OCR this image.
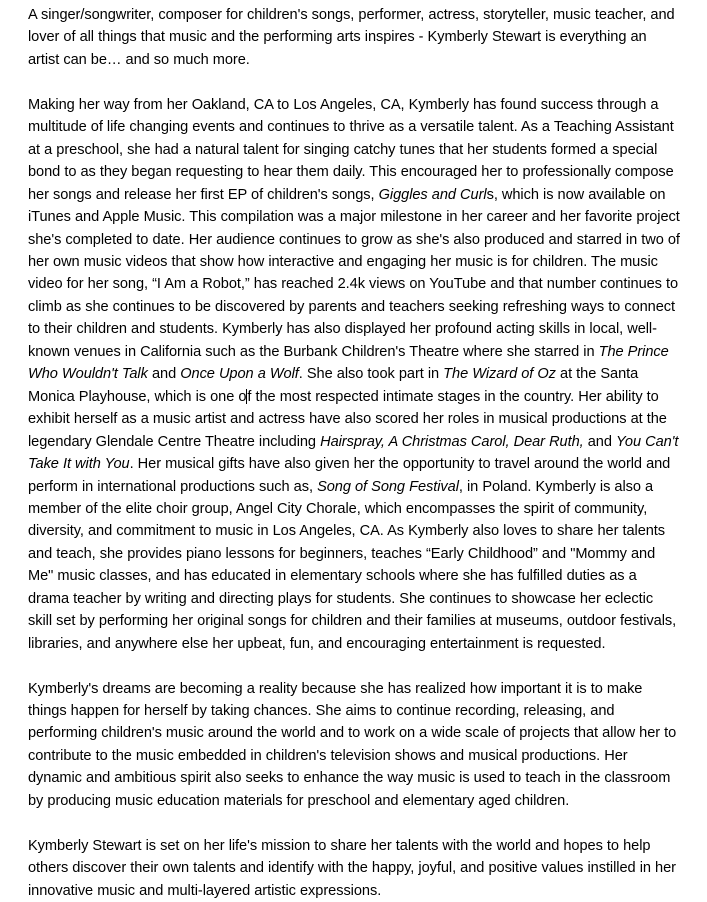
A singer/songwriter, composer for children's songs, performer, actress, storyteller, music teacher, and lover of all things that music and the performing arts inspires - Kymberly Stewart is everything an artist can be… and so much more.

Making her way from her Oakland, CA to Los Angeles, CA, Kymberly has found success through a multitude of life changing events and continues to thrive as a versatile talent. As a Teaching Assistant at a preschool, she had a natural talent for singing catchy tunes that her students formed a special bond to as they began requesting to hear them daily. This encouraged her to professionally compose her songs and release her first EP of children's songs, Giggles and Curls, which is now available on iTunes and Apple Music. This compilation was a major milestone in her career and her favorite project she's completed to date. Her audience continues to grow as she's also produced and starred in two of her own music videos that show how interactive and engaging her music is for children. The music video for her song, “I Am a Robot,” has reached 2.4k views on YouTube and that number continues to climb as she continues to be discovered by parents and teachers seeking refreshing ways to connect to their children and students. Kymberly has also displayed her profound acting skills in local, well-known venues in California such as the Burbank Children's Theatre where she starred in The Prince Who Wouldn't Talk and Once Upon a Wolf. She also took part in The Wizard of Oz at the Santa Monica Playhouse, which is one of the most respected intimate stages in the country. Her ability to exhibit herself as a music artist and actress have also scored her roles in musical productions at the legendary Glendale Centre Theatre including Hairspray, A Christmas Carol, Dear Ruth, and You Can't Take It with You. Her musical gifts have also given her the opportunity to travel around the world and perform in international productions such as, Song of Song Festival, in Poland. Kymberly is also a member of the elite choir group, Angel City Chorale, which encompasses the spirit of community, diversity, and commitment to music in Los Angeles, CA. As Kymberly also loves to share her talents and teach, she provides piano lessons for beginners, teaches “Early Childhood” and "Mommy and Me" music classes, and has educated in elementary schools where she has fulfilled duties as a drama teacher by writing and directing plays for students. She continues to showcase her eclectic skill set by performing her original songs for children and their families at museums, outdoor festivals, libraries, and anywhere else her upbeat, fun, and encouraging entertainment is requested.

Kymberly's dreams are becoming a reality because she has realized how important it is to make things happen for herself by taking chances. She aims to continue recording, releasing, and performing children's music around the world and to work on a wide scale of projects that allow her to contribute to the music embedded in children's television shows and musical productions. Her dynamic and ambitious spirit also seeks to enhance the way music is used to teach in the classroom by producing music education materials for preschool and elementary aged children.

Kymberly Stewart is set on her life's mission to share her talents with the world and hopes to help others discover their own talents and identify with the happy, joyful, and positive values instilled in her innovative music and multi-layered artistic expressions.
